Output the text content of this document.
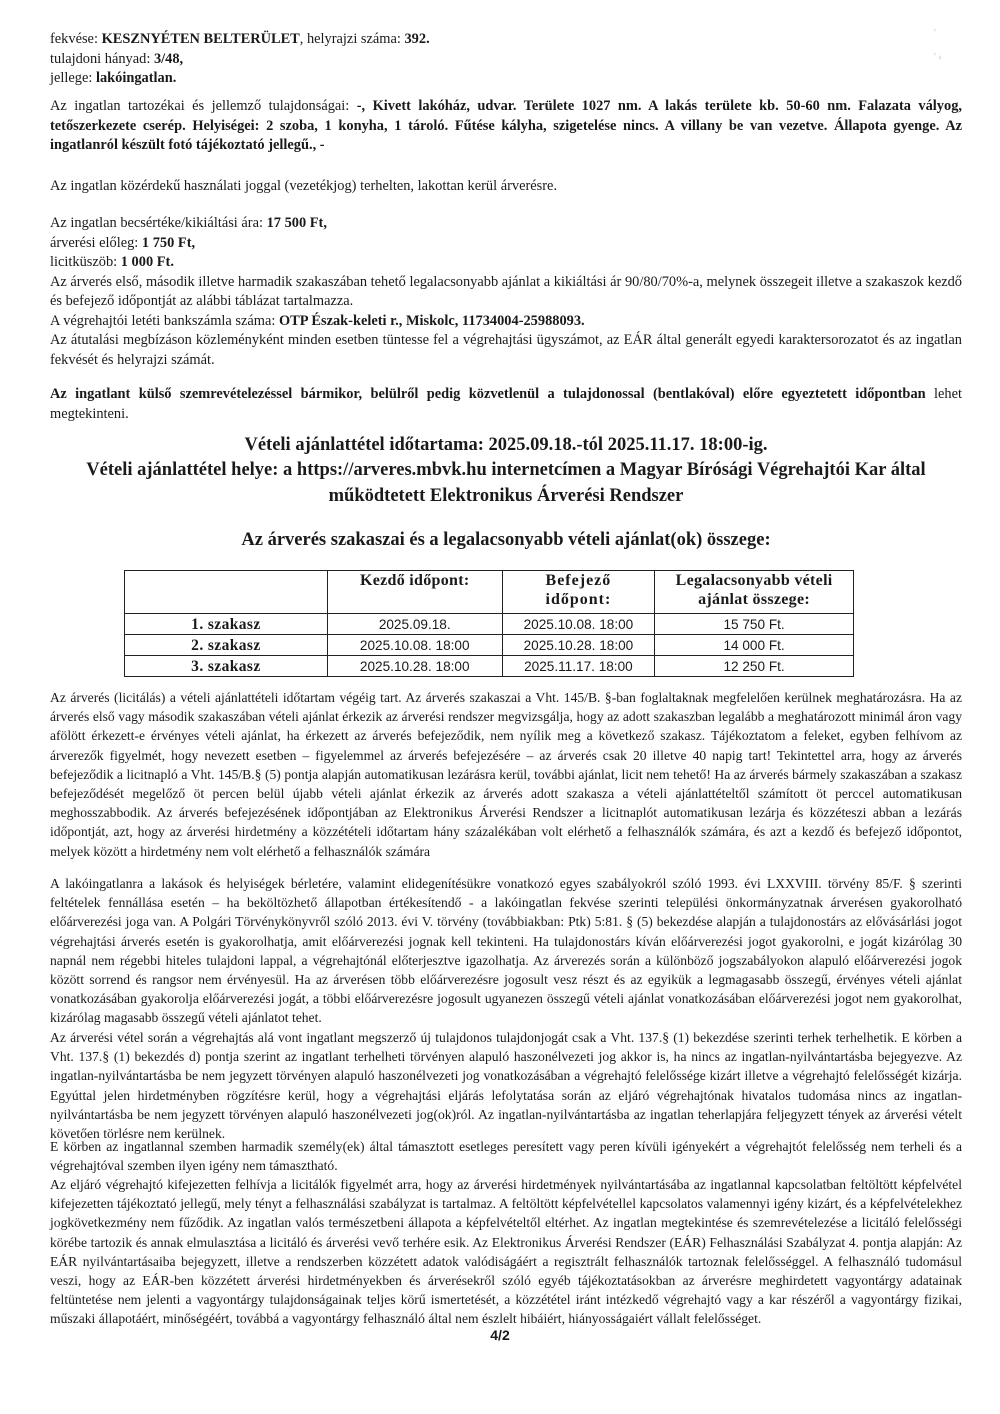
'
' ›
fekvése: KESZNYÉTEN BELTERÜLET, helyrajzi száma: 392.
tulajdoni hányad: 3/48,
jellege: lakóingatlan.
Az ingatlan tartozékai és jellemző tulajdonságai: -, Kivett lakóház, udvar. Területe 1027 nm. A lakás területe kb. 50-60 nm. Falazata vályog, tetőszerkezete cserép. Helyiségei: 2 szoba, 1 konyha, 1 tároló. Fűtése kályha, szigetelése nincs. A villany be van vezetve. Állapota gyenge. Az ingatlanról készült fotó tájékoztató jellegű., -
Az ingatlan közérdekű használati joggal (vezetékjog) terhelten, lakottan kerül árverésre.
Az ingatlan becsértéke/kikiáltási ára: 17 500 Ft,
árverési előleg: 1 750 Ft,
licitküszöb: 1 000 Ft.
Az árverés első, második illetve harmadik szakaszában tehető legalacsonyabb ajánlat a kikiáltási ár 90/80/70%-a, melynek összegeit illetve a szakaszok kezdő és befejező időpontját az alábbi táblázat tartalmazza.
A végrehajtói letéti bankszámla száma: OTP Észak-keleti r., Miskolc, 11734004-25988093.
Az átutalási megbízáson közleményként minden esetben tüntesse fel a végrehajtási ügyszámot, az EÁR által generált egyedi karaktersorozatot és az ingatlan fekvését és helyrajzi számát.
Az ingatlant külső szemrevételezéssel bármikor, belülről pedig közvetlenül a tulajdonossal (bentlakóval) előre egyeztetett időpontban lehet megtekinteni.
Vételi ajánlattétel időtartama: 2025.09.18.-tól 2025.11.17. 18:00-ig.
Vételi ajánlattétel helye: a https://arveres.mbvk.hu internetcímen a Magyar Bírósági Végrehajtói Kar által
működtetett Elektronikus Árverési Rendszer
Az árverés szakaszai és a legalacsonyabb vételi ajánlat(ok) összege:
	Kezdő időpont:	Befejező időpont:	Legalacsonyabb vételi ajánlat összege:
1. szakasz	2025.09.18.	2025.10.08. 18:00	15 750 Ft.
2. szakasz	2025.10.08. 18:00	2025.10.28. 18:00	14 000 Ft.
3. szakasz	2025.10.28. 18:00	2025.11.17. 18:00	12 250 Ft.
Az árverés (licitálás) a vételi ajánlattételi időtartam végéig tart. Az árverés szakaszai a Vht. 145/B. §-ban foglaltaknak megfelelően kerülnek meghatározásra. Ha az árverés első vagy második szakaszában vételi ajánlat érkezik az árverési rendszer megvizsgálja, hogy az adott szakaszban legalább a meghatározott minimál áron vagy afölött érkezett-e érvényes vételi ajánlat, ha érkezett az árverés befejeződik, nem nyílik meg a következő szakasz. Tájékoztatom a feleket, egyben felhívom az árverezők figyelmét, hogy nevezett esetben – figyelemmel az árverés befejezésére – az árverés csak 20 illetve 40 napig tart! Tekintettel arra, hogy az árverés befejeződik a licitnapló a Vht. 145/B.§ (5) pontja alapján automatikusan lezárásra kerül, további ajánlat, licit nem tehető! Ha az árverés bármely szakaszában a szakasz befejeződését megelőző öt percen belül újabb vételi ajánlat érkezik az árverés adott szakasza a vételi ajánlattételtől számított öt perccel automatikusan meghosszabbodik. Az árverés befejezésének időpontjában az Elektronikus Árverési Rendszer a licitnaplót automatikusan lezárja és közzéteszi abban a lezárás időpontját, azt, hogy az árverési hirdetmény a közzétételi időtartam hány százalékában volt elérhető a felhasználók számára, és azt a kezdő és befejező időpontot, melyek között a hirdetmény nem volt elérhető a felhasználók számára
A lakóingatlanra a lakások és helyiségek bérletére, valamint elidegenítésükre vonatkozó egyes szabályokról szóló 1993. évi LXXVIII. törvény 85/F. § szerinti feltételek fennállása esetén – ha beköltözhető állapotban értékesítendő - a lakóingatlan fekvése szerinti települési önkormányzatnak árverésen gyakorolható előárverezési joga van. A Polgári Törvénykönyvről szóló 2013. évi V. törvény (továbbiakban: Ptk) 5:81. § (5) bekezdése alapján a tulajdonostárs az elővásárlási jogot végrehajtási árverés esetén is gyakorolhatja, amit előárverezési jognak kell tekinteni. Ha tulajdonostárs kíván előárverezési jogot gyakorolni, e jogát kizárólag 30 napnál nem régebbi hiteles tulajdoni lappal, a végrehajtónál előterjesztve igazolhatja. Az árverezés során a különböző jogszabályokon alapuló előárverezési jogok között sorrend és rangsor nem érvényesül. Ha az árverésen több előárverezésre jogosult vesz részt és az egyikük a legmagasabb összegű, érvényes vételi ajánlat vonatkozásában gyakorolja előárverezési jogát, a többi előárverezésre jogosult ugyanezen összegű vételi ajánlat vonatkozásában előárverezési jogot nem gyakorolhat, kizárólag magasabb összegű vételi ajánlatot tehet.
Az árverési vétel során a végrehajtás alá vont ingatlant megszerző új tulajdonos tulajdonjogát csak a Vht. 137.§ (1) bekezdése szerinti terhek terhelhetik. E körben a Vht. 137.§ (1) bekezdés d) pontja szerint az ingatlant terhelheti törvényen alapuló haszonélvezeti jog akkor is, ha nincs az ingatlan-nyilvántartásba bejegyezve. Az ingatlan-nyilvántartásba be nem jegyzett törvényen alapuló haszonélvezeti jog vonatkozásában a végrehajtó felelőssége kizárt illetve a végrehajtó felelősségét kizárja. Egyúttal jelen hirdetményben rögzítésre kerül, hogy a végrehajtási eljárás lefolytatása során az eljáró végrehajtónak hivatalos tudomása nincs az ingatlan-nyilvántartásba be nem jegyzett törvényen alapuló haszonélvezeti jog(ok)ról. Az ingatlan-nyilvántartásba az ingatlan teherlapjára feljegyzett tények az árverési vételt követően törlésre nem kerülnek.
E körben az ingatlannal szemben harmadik személy(ek) által támasztott esetleges peresített vagy peren kívüli igényekért a végrehajtót felelősség nem terheli és a végrehajtóval szemben ilyen igény nem támasztható.
Az eljáró végrehajtó kifejezetten felhívja a licitálók figyelmét arra, hogy az árverési hirdetmények nyilvántartásába az ingatlannal kapcsolatban feltöltött képfelvétel kifejezetten tájékoztató jellegű, mely tényt a felhasználási szabályzat is tartalmaz. A feltöltött képfelvétellel kapcsolatos valamennyi igény kizárt, és a képfelvételekhez jogkövetkezmény nem fűződik. Az ingatlan valós természetbeni állapota a képfelvételtől eltérhet. Az ingatlan megtekintése és szemrevételezése a licitáló felelősségi körébe tartozik és annak elmulasztása a licitáló és árverési vevő terhére esik. Az Elektronikus Árverési Rendszer (EÁR) Felhasználási Szabályzat 4. pontja alapján: Az EÁR nyilvántartásaiba bejegyzett, illetve a rendszerben közzétett adatok valódiságáért a regisztrált felhasználók tartoznak felelősséggel. A felhasználó tudomásul veszi, hogy az EÁR-ben közzétett árverési hirdetményekben és árverésekről szóló egyéb tájékoztatásokban az árverésre meghirdetett vagyontárgy adatainak feltüntetése nem jelenti a vagyontárgy tulajdonságainak teljes körű ismertetését, a közzététel iránt intézkedő végrehajtó vagy a kar részéről a vagyontárgy fizikai, műszaki állapotáért, minőségéért, továbbá a vagyontárgy felhasználó által nem észlelt hibáiért, hiányosságaiért vállalt felelősséget.
4/2
